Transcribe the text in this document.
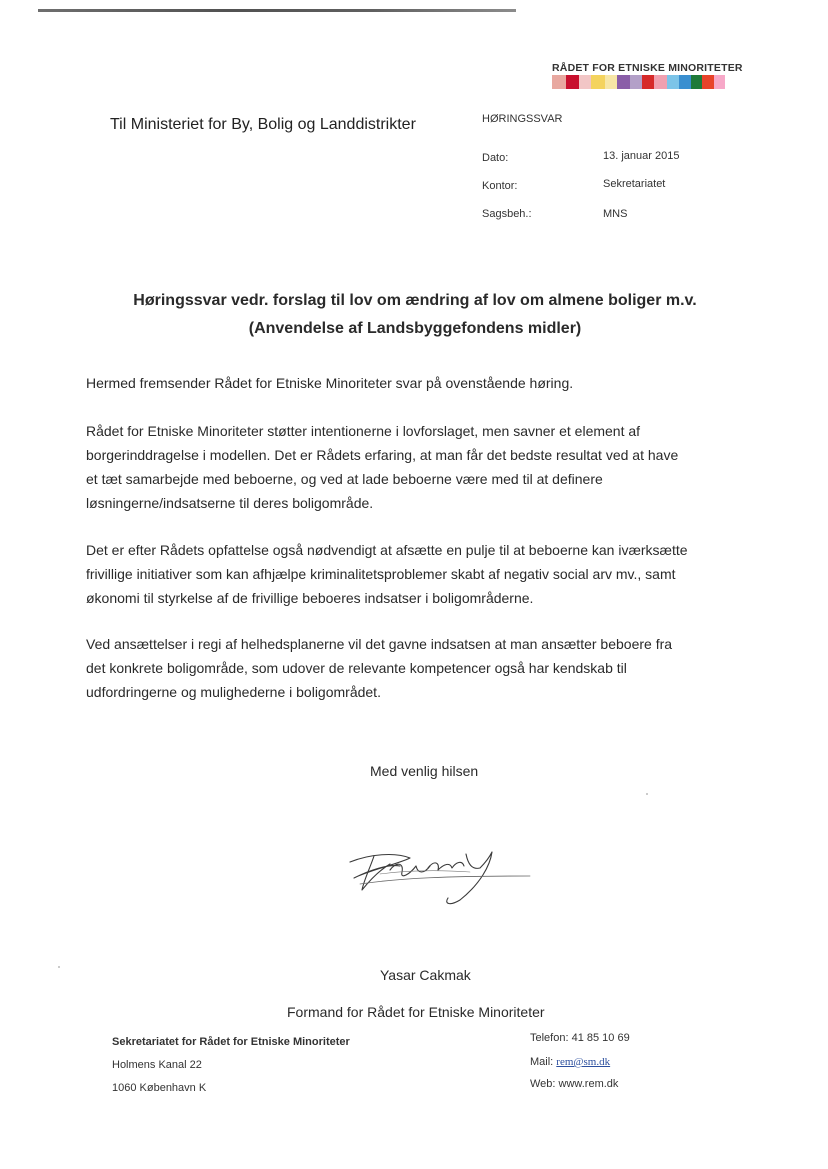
RÅDET FOR ETNISKE MINORITETER
Til Ministeriet for By, Bolig og Landdistrikter	HØRINGSSVAR
Dato:	13. januar 2015
Kontor:	Sekretariatet
Sagsbeh.:	MNS
Høringssvar vedr. forslag til lov om ændring af lov om almene boliger m.v.
(Anvendelse af Landsbyggefondens midler)
Hermed fremsender Rådet for Etniske Minoriteter svar på ovenstående høring.
Rådet for Etniske Minoriteter støtter intentionerne i lovforslaget, men savner et element af
borgerinddragelse i modellen. Det er Rådets erfaring, at man får det bedste resultat ved at have
et tæt samarbejde med beboerne, og ved at lade beboerne være med til at definere
løsningerne/indsatserne til deres boligområde.
Det er efter Rådets opfattelse også nødvendigt at afsætte en pulje til at beboerne kan iværksætte
frivillige initiativer som kan afhjælpe kriminalitetsproblemer skabt af negativ social arv mv., samt
økonomi til styrkelse af de frivillige beboeres indsatser i boligområderne.
Ved ansættelser i regi af helhedsplanerne vil det gavne indsatsen at man ansætter beboere fra
det konkrete boligområde, som udover de relevante kompetencer også har kendskab til
udfordringerne og mulighederne i boligområdet.
Med venlig hilsen
Yasar Cakmak
Formand for Rådet for Etniske Minoriteter
Sekretariatet for Rådet for Etniske Minoriteter
Holmens Kanal 22
1060 København K
Telefon: 41 85 10 69
Mail: rem@sm.dk
Web: www.rem.dk
